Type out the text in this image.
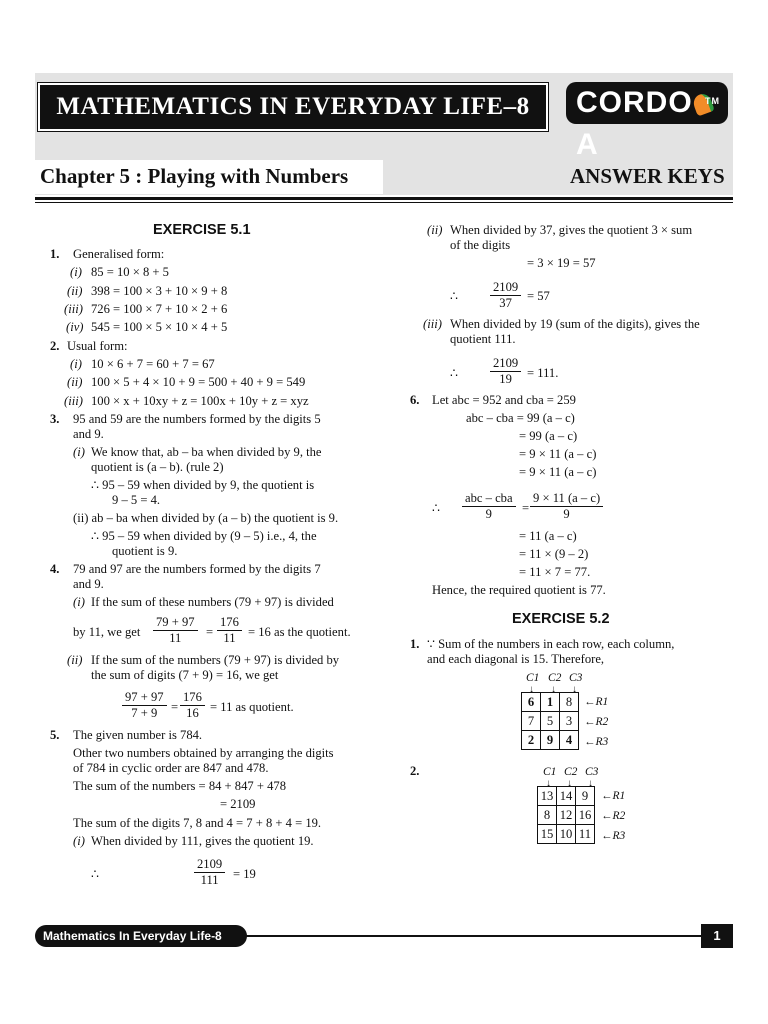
MATHEMATICS IN EVERYDAY LIFE–8	CORDOA
TM
Chapter 5 : Playing with Numbers	ANSWER KEYS
EXERCISE 5.1
1. Generalised form:
(i) 85 = 10 × 8 + 5
(ii) 398 = 100 × 3 + 10 × 9 + 8
(iii) 726 = 100 × 7 + 10 × 2 + 6
(iv) 545 = 100 × 5 × 10 × 4 + 5
2. Usual form:
(i) 10 × 6 + 7 = 60 + 7 = 67
(ii) 100 × 5 + 4 × 10 + 9 = 500 + 40 + 9 = 549
(iii) 100 × x + 10xy + z = 100x + 10y + z = xyz
3. 95 and 59 are the numbers formed by the digits 5
and 9.
(i) We know that, ab – ba when divided by 9, the
quotient is (a – b). (rule 2)
∴ 95 – 59 when divided by 9, the quotient is
9 – 5 = 4.
(ii) ab – ba when divided by (a – b) the quotient is 9.
∴ 95 – 59 when divided by (9 – 5) i.e., 4, the
quotient is 9.
4. 79 and 97 are the numbers formed by the digits 7
and 9.
(i) If the sum of these numbers (79 + 97) is divided
by 11, we get $\frac{79 + 97}{11} = \frac{176}{11} = 16$ as the quotient.
(ii) If the sum of the numbers (79 + 97) is divided by
the sum of digits (7 + 9) = 16, we get
$\frac{97 + 97}{7 + 9} = \frac{176}{16} = 11$ as quotient.
5. The given number is 784.
Other two numbers obtained by arranging the digits
of 784 in cyclic order are 847 and 478.
The sum of the numbers = 84 + 847 + 478
= 2109
The sum of the digits 7, 8 and 4 = 7 + 8 + 4 = 19.
(i) When divided by 111, gives the quotient 19.
∴	$\frac{2109}{111} = 19$
(ii) When divided by 37, gives the quotient 3 × sum
of the digits
= 3 × 19 = 57
∴	$\frac{2109}{37} = 57$
(iii) When divided by 19 (sum of the digits), gives the
quotient 111.
∴	$\frac{2109}{19} = 111$.
6. Let abc = 952 and cba = 259
abc – cba = 99 (a – c)
= 99 (a – c)
= 9 × 11 (a – c)
= 9 × 11 (a – c)
∴
abc – cba
9	= $\frac{9 \times 11 (a - c)}{9}$
= 11 (a – c)
= 11 × (9 – 2)
= 11 × 7 = 77.
Hence, the required quotient is 77.
EXERCISE 5.2
1. ∵ Sum of the numbers in each row, each column,
and each diagonal is 15. Therefore,
C1 C2 C3
↓ ↓ ↓
6	1	8
7	5	3
2	9	4
←R1
←R2
←R3
2.	C1 C2 C3
↓ ↓ ↓
13	14	9
8	12	16
15	10	11
←R1
←R2
←R3
Mathematics In Everyday Life-8	1
